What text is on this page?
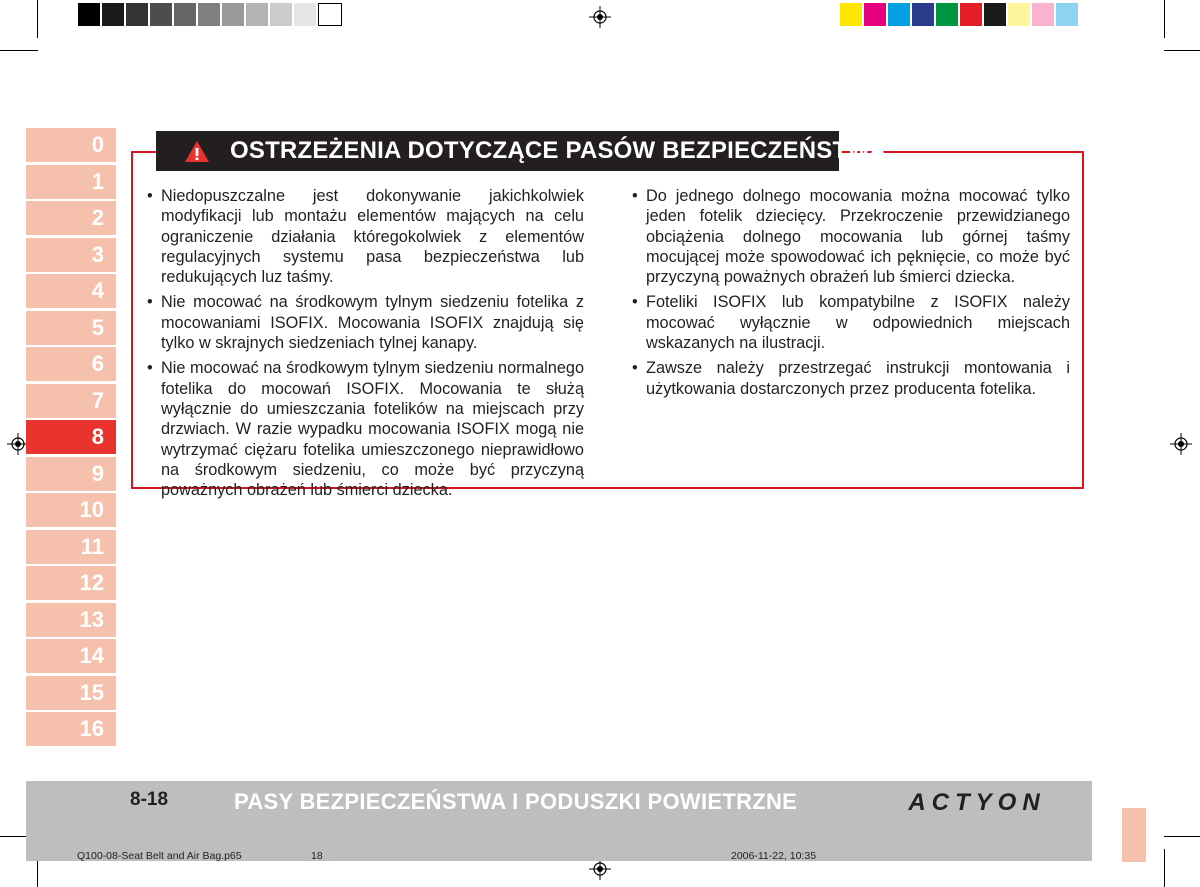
0
1
2
3
4
5
6
7
8
9
10
11
12
13
14
15
16
OSTRZEŻENIA DOTYCZĄCE PASÓW BEZPIECZEŃSTWA
• Niedopuszczalne jest dokonywanie jakichkolwiek modyfikacji lub montażu elementów mających na celu ograniczenie działania któregokolwiek z elementów regulacyjnych systemu pasa bezpieczeństwa lub redukujących luz taśmy.
• Nie mocować na środkowym tylnym siedzeniu fotelika z mocowaniami ISOFIX. Mocowania ISOFIX znajdują się tylko w skrajnych siedzeniach tylnej kanapy.
• Nie mocować na środkowym tylnym siedzeniu normalnego fotelika do mocowań ISOFIX. Mocowania te służą wyłącznie do umieszczania fotelików na miejscach przy drzwiach. W razie wypadku mocowania ISOFIX mogą nie wytrzymać ciężaru fotelika umieszczonego nieprawidłowo na środkowym siedzeniu, co może być przyczyną poważnych obrażeń lub śmierci dziecka.
• Do jednego dolnego mocowania można mocować tylko jeden fotelik dziecięcy. Przekroczenie przewidzianego obciążenia dolnego mocowania lub górnej taśmy mocującej może spowodować ich pęknięcie, co może być przyczyną poważnych obrażeń lub śmierci dziecka.
• Foteliki ISOFIX lub kompatybilne z ISOFIX należy mocować wyłącznie w odpowiednich miejscach wskazanych na ilustracji.
• Zawsze należy przestrzegać instrukcji montowania i użytkowania dostarczonych przez producenta fotelika.
8-18	PASY BEZPIECZEŃSTWA I PODUSZKI POWIETRZNE	ACTYON
Q100-08-Seat Belt and Air Bag.p65	18	2006-11-22, 10:35
